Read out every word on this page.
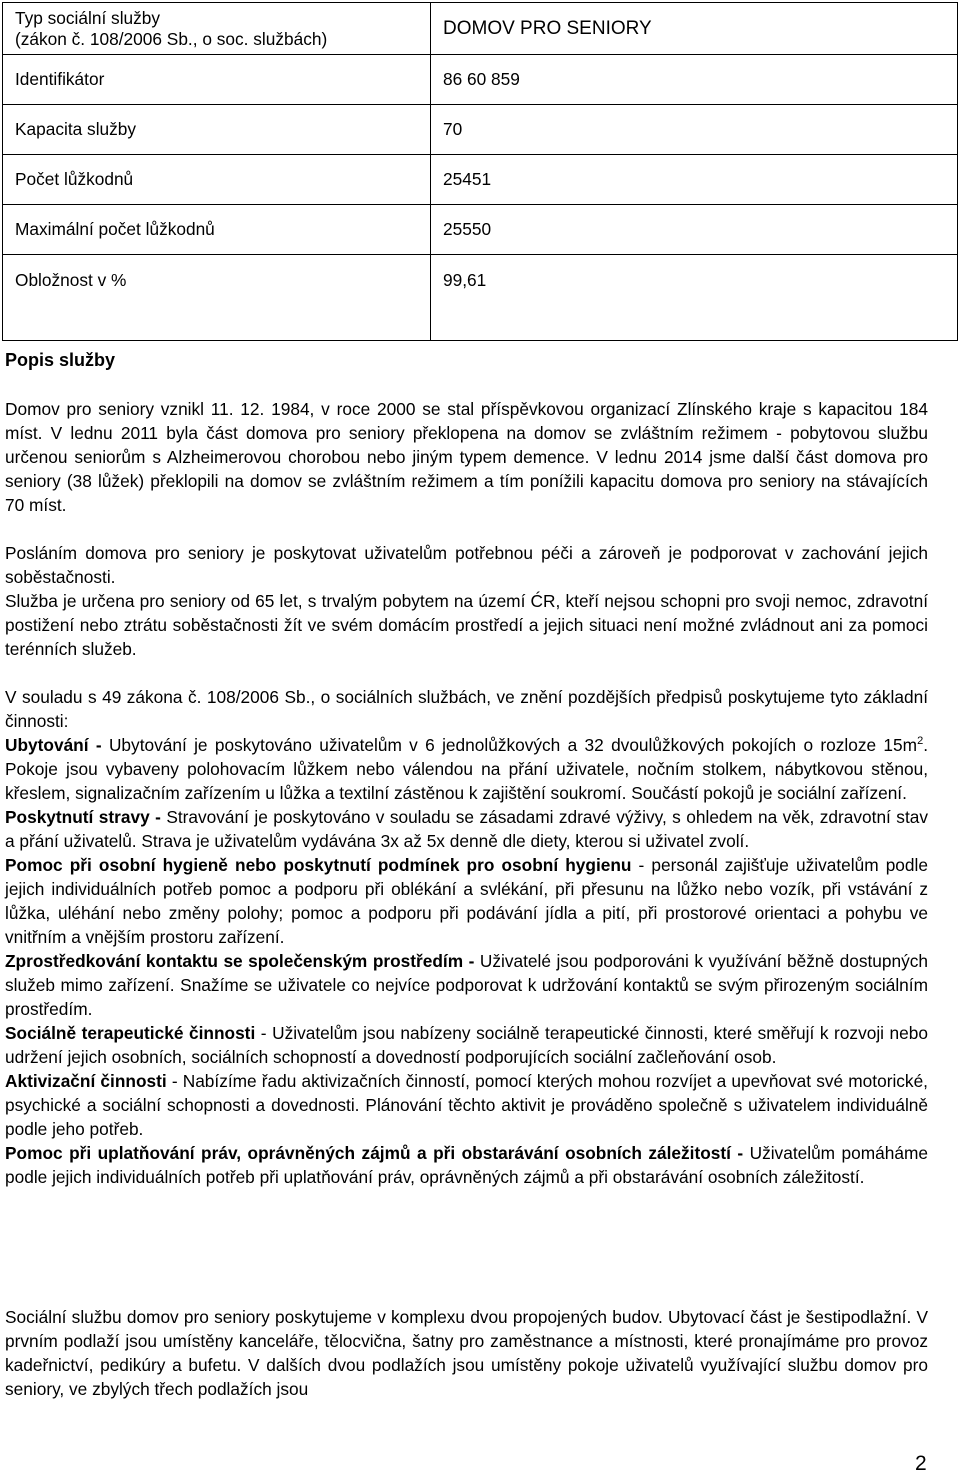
Typ sociální služby
(zákon č. 108/2006 Sb., o soc. službách)	DOMOV PRO SENIORY
Identifikátor	86 60 859
Kapacita služby	70
Počet lůžkodnů	25451
Maximální počet lůžkodnů	25550
Obložnost v %	99,61
Popis služby

Domov pro seniory vznikl 11. 12. 1984, v roce 2000 se stal příspěvkovou organizací Zlínského kraje s kapacitou 184 míst. V lednu 2011 byla část domova pro seniory překlopena na domov se zvláštním režimem - pobytovou službu určenou seniorům s Alzheimerovou chorobou nebo jiným typem demence. V lednu 2014 jsme další část domova pro seniory (38 lůžek) překlopili na domov se zvláštním režimem a tím ponížili kapacitu domova pro seniory na stávajících 70 míst.

Posláním domova pro seniory je poskytovat uživatelům potřebnou péči a zároveň je podporovat v zachování jejich soběstačnosti.
Služba je určena pro seniory od 65 let, s trvalým pobytem na území ĆR, kteří nejsou schopni pro svoji nemoc, zdravotní postižení nebo ztrátu soběstačnosti žít ve svém domácím prostředí a jejich situaci není možné zvládnout ani za pomoci terénních služeb.
V souladu s 49 zákona č. 108/2006 Sb., o sociálních službách, ve znění pozdějších předpisů poskytujeme tyto základní činnosti:
Ubytování - Ubytování je poskytováno uživatelům v 6 jednolůžkových a 32 dvoulůžkových pokojích o rozloze $15m^2$. Pokoje jsou vybaveny polohovacím lůžkem nebo válendou na přání uživatele, nočním stolkem, nábytkovou stěnou, křeslem, signalizačním zařízením u lůžka a textilní zástěnou k zajištění soukromí. Součástí pokojů je sociální zařízení.
Poskytnutí stravy - Stravování je poskytováno v souladu se zásadami zdravé výživy, s ohledem na věk, zdravotní stav a přání uživatelů. Strava je uživatelům vydávána 3x až 5x denně dle diety, kterou si uživatel zvolí.
Pomoc při osobní hygieně nebo poskytnutí podmínek pro osobní hygienu - personál zajišťuje uživatelům podle jejich individuálních potřeb pomoc a podporu při oblékání a svlékání, při přesunu na lůžko nebo vozík, při vstávání z lůžka, uléhání nebo změny polohy; pomoc a podporu při podávání jídla a pití, při prostorové orientaci a pohybu ve vnitřním a vnějším prostoru zařízení.
Zprostředkování kontaktu se společenským prostředím - Uživatelé jsou podporováni k využívání běžně dostupných služeb mimo zařízení. Snažíme se uživatele co nejvíce podporovat k udržování kontaktů se svým přirozeným sociálním prostředím.
Sociálně terapeutické činnosti - Uživatelům jsou nabízeny sociálně terapeutické činnosti, které směřují k rozvoji nebo udržení jejich osobních, sociálních schopností a dovedností podporujících sociální začleňování osob.
Aktivizační činnosti - Nabízíme řadu aktivizačních činností, pomocí kterých mohou rozvíjet a upevňovat své motorické, psychické a sociální schopnosti a dovednosti. Plánování těchto aktivit je prováděno společně s uživatelem individuálně podle jeho potřeb.
Pomoc při uplatňování práv, oprávněných zájmů a při obstarávání osobních záležitostí - Uživatelům pomáháme podle jejich individuálních potřeb při uplatňování práv, oprávněných zájmů a při obstarávání osobních záležitostí.

Sociální službu domov pro seniory poskytujeme v komplexu dvou propojených budov. Ubytovací část je šestipodlažní. V prvním podlaží jsou umístěny kanceláře, tělocvična, šatny pro zaměstnance a místnosti, které pronajímáme pro provoz kadeřnictví, pedikúry a bufetu. V dalších dvou podlažích jsou umístěny pokoje uživatelů využívající službu domov pro seniory, ve zbylých třech podlažích jsou

2
